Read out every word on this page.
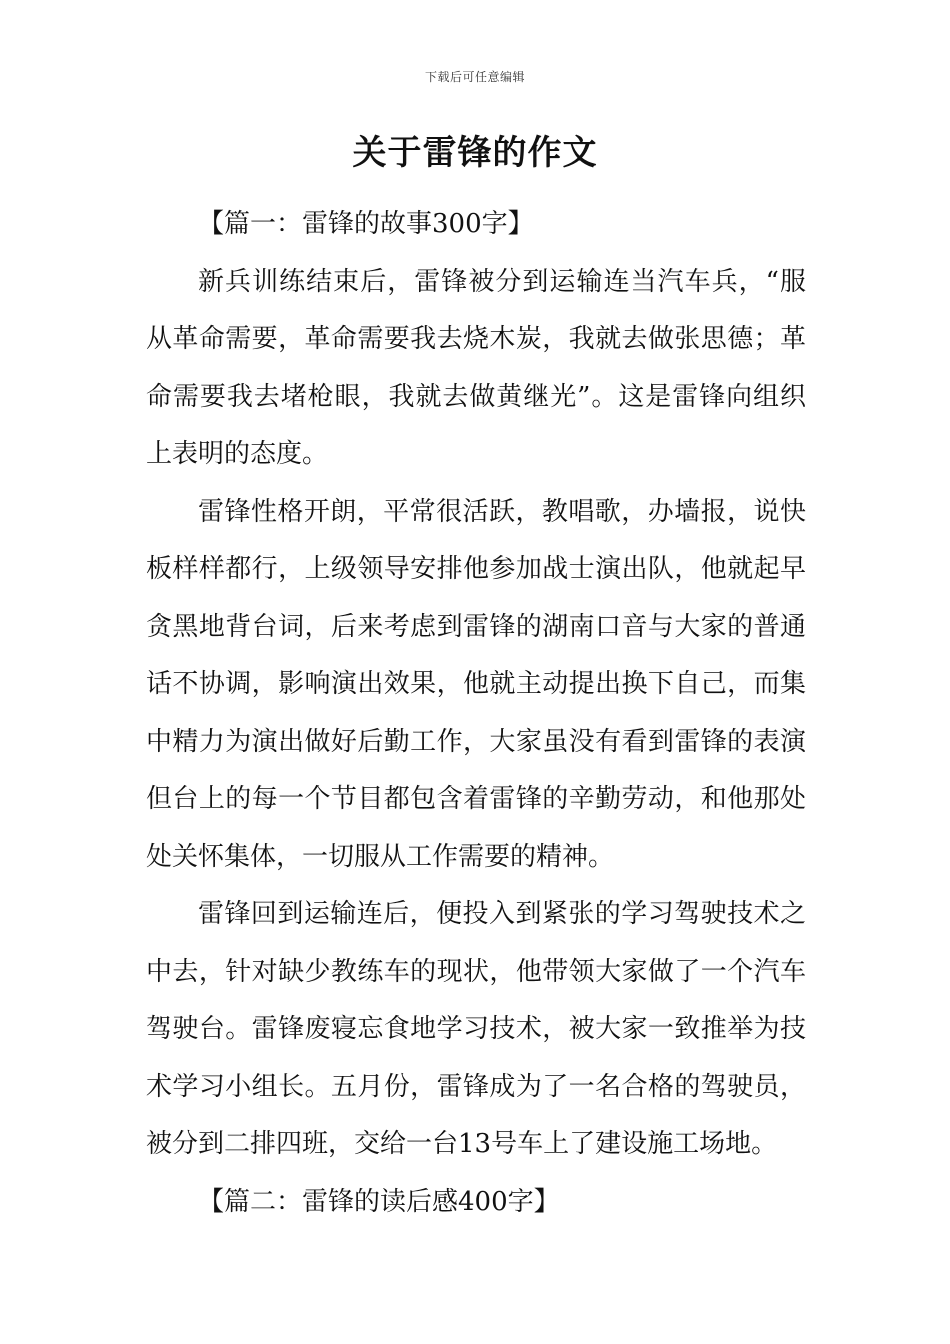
下载后可任意编辑
关于雷锋的作文
【篇一：雷锋的故事300字】

新兵训练结束后，雷锋被分到运输连当汽车兵，“服从革命需要，革命需要我去烧木炭，我就去做张思德；革命需要我去堵枪眼，我就去做黄继光”。这是雷锋向组织上表明的态度。

雷锋性格开朗，平常很活跃，教唱歌，办墙报，说快板样样都行，上级领导安排他参加战士演出队，他就起早贪黑地背台词，后来考虑到雷锋的湖南口音与大家的普通话不协调，影响演出效果，他就主动提出换下自己，而集中精力为演出做好后勤工作，大家虽没有看到雷锋的表演但台上的每一个节目都包含着雷锋的辛勤劳动，和他那处处关怀集体，一切服从工作需要的精神。

雷锋回到运输连后，便投入到紧张的学习驾驶技术之中去，针对缺少教练车的现状，他带领大家做了一个汽车驾驶台。雷锋废寝忘食地学习技术，被大家一致推举为技术学习小组长。五月份，雷锋成为了一名合格的驾驶员，被分到二排四班，交给一台13号车上了建设施工场地。

【篇二：雷锋的读后感400字】
